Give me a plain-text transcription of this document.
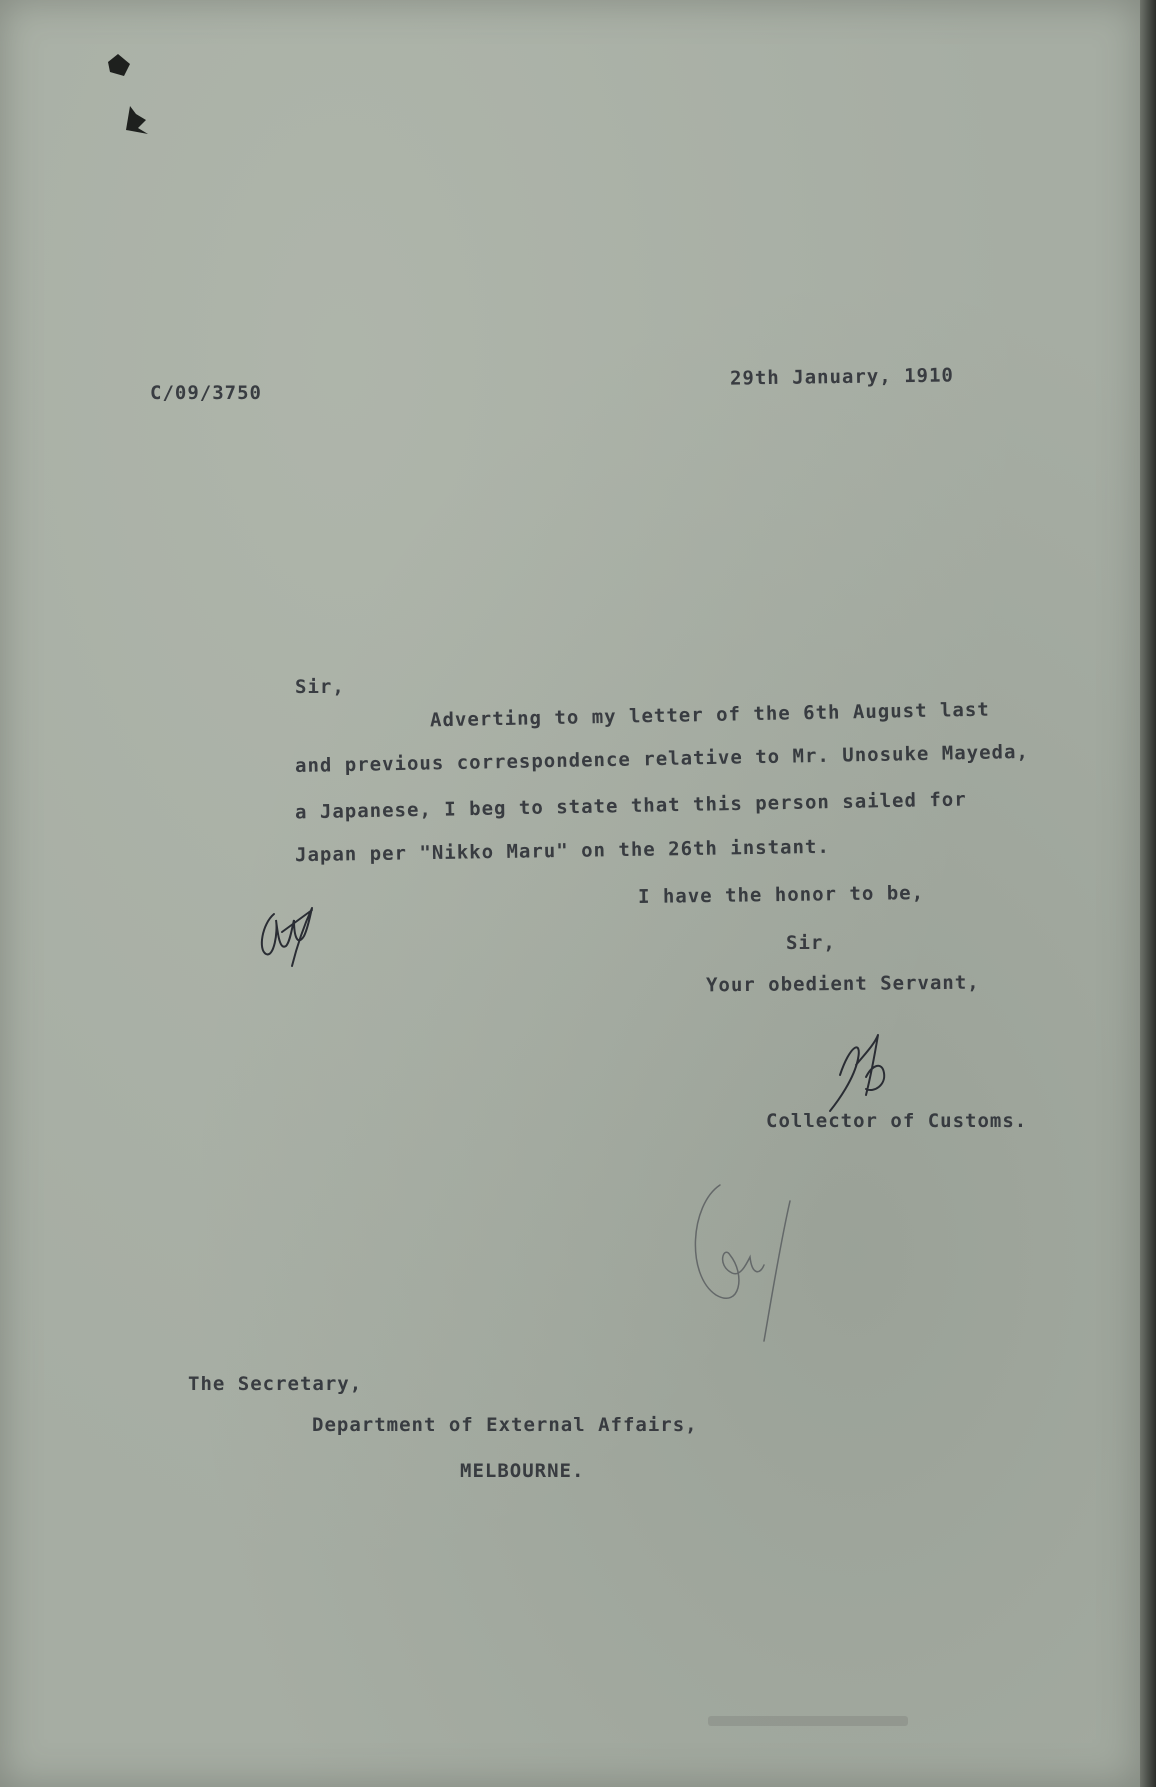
C/09/3750
29th January, 1910
Sir,
Adverting to my letter of the 6th August last
and previous correspondence relative to Mr. Unosuke Mayeda,
a Japanese, I beg to state that this person sailed for
Japan per "Nikko Maru" on the 26th instant.
I have the honor to be,
Sir,
Your obedient Servant,
Collector of Customs.
The Secretary,
Department of External Affairs,
MELBOURNE.
